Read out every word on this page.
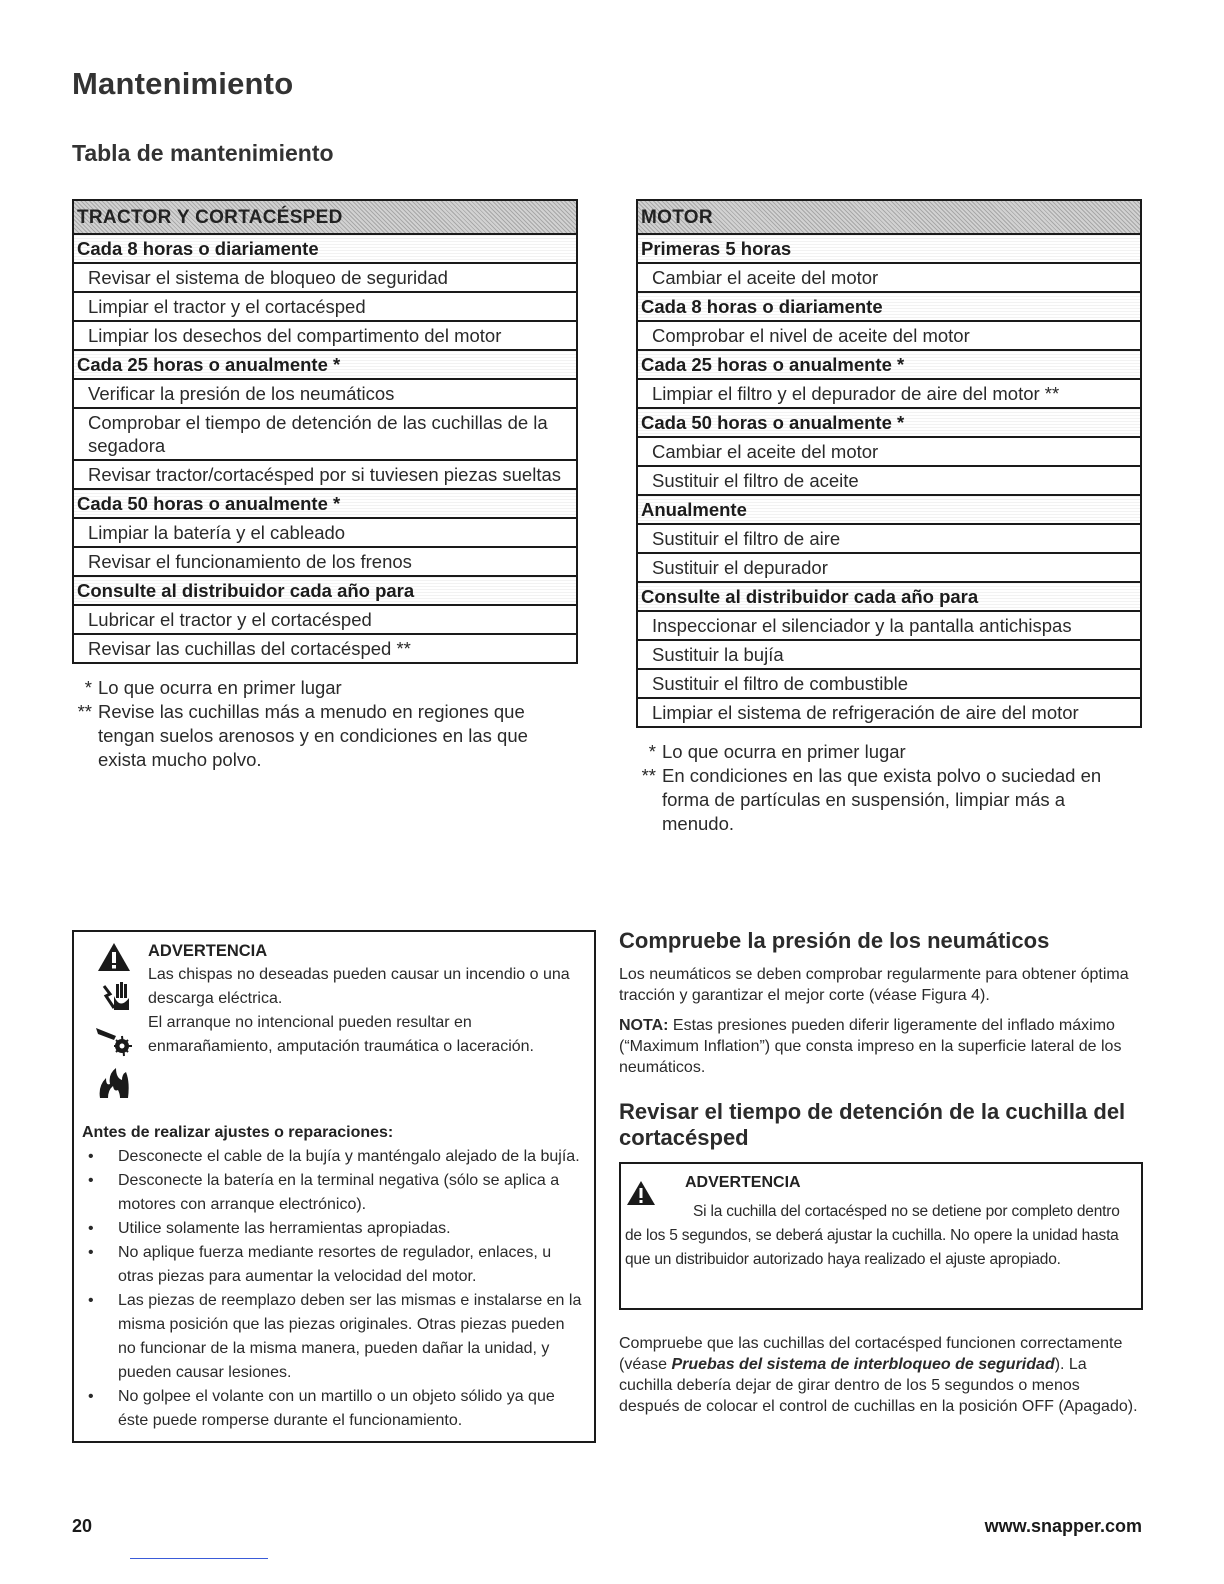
Mantenimiento
Tabla de mantenimiento
TRACTOR Y CORTACÉSPED
Cada 8 horas o diariamente
Revisar el sistema de bloqueo de seguridad
Limpiar el tractor y el cortacésped
Limpiar los desechos del compartimento del motor
Cada 25 horas o anualmente *
Verificar la presión de los neumáticos
Comprobar el tiempo de detención de las cuchillas de la segadora
Revisar tractor/cortacésped por si tuviesen piezas sueltas
Cada 50 horas o anualmente *
Limpiar la batería y el cableado
Revisar el funcionamiento de los frenos
Consulte al distribuidor cada año para
Lubricar el tractor y el cortacésped
Revisar las cuchillas del cortacésped **
* Lo que ocurra en primer lugar
** Revise las cuchillas más a menudo en regiones que tengan suelos arenosos y en condiciones en las que exista mucho polvo.
MOTOR
Primeras 5 horas
Cambiar el aceite del motor
Cada 8 horas o diariamente
Comprobar el nivel de aceite del motor
Cada 25 horas o anualmente *
Limpiar el filtro y el depurador de aire del motor **
Cada 50 horas o anualmente *
Cambiar el aceite del motor
Sustituir el filtro de aceite
Anualmente
Sustituir el filtro de aire
Sustituir el depurador
Consulte al distribuidor cada año para
Inspeccionar el silenciador y la pantalla antichispas
Sustituir la bujía
Sustituir el filtro de combustible
Limpiar el sistema de refrigeración de aire del motor
* Lo que ocurra en primer lugar
** En condiciones en las que exista polvo o suciedad en forma de partículas en suspensión, limpiar más a menudo.
ADVERTENCIA
Las chispas no deseadas pueden causar un incendio o una descarga eléctrica.
El arranque no intencional pueden resultar en enmarañamiento, amputación traumática o laceración.
Antes de realizar ajustes o reparaciones:
• Desconecte el cable de la bujía y manténgalo alejado de la bujía.
• Desconecte la batería en la terminal negativa (sólo se aplica a motores con arranque electrónico).
• Utilice solamente las herramientas apropiadas.
• No aplique fuerza mediante resortes de regulador, enlaces, u otras piezas para aumentar la velocidad del motor.
• Las piezas de reemplazo deben ser las mismas e instalarse en la misma posición que las piezas originales. Otras piezas pueden no funcionar de la misma manera, pueden dañar la unidad, y pueden causar lesiones.
• No golpee el volante con un martillo o un objeto sólido ya que éste puede romperse durante el funcionamiento.
Compruebe la presión de los neumáticos
Los neumáticos se deben comprobar regularmente para obtener óptima tracción y garantizar el mejor corte (véase Figura 4).
NOTA: Estas presiones pueden diferir ligeramente del inflado máximo (“Maximum Inflation”) que consta impreso en la superficie lateral de los neumáticos.
Revisar el tiempo de detención de la cuchilla del cortacésped
ADVERTENCIA
Si la cuchilla del cortacésped no se detiene por completo dentro de los 5 segundos, se deberá ajustar la cuchilla. No opere la unidad hasta que un distribuidor autorizado haya realizado el ajuste apropiado.
Compruebe que las cuchillas del cortacésped funcionen correctamente (véase Pruebas del sistema de interbloqueo de seguridad). La cuchilla debería dejar de girar dentro de los 5 segundos o menos después de colocar el control de cuchillas en la posición OFF (Apagado).
20	www.snapper.com
